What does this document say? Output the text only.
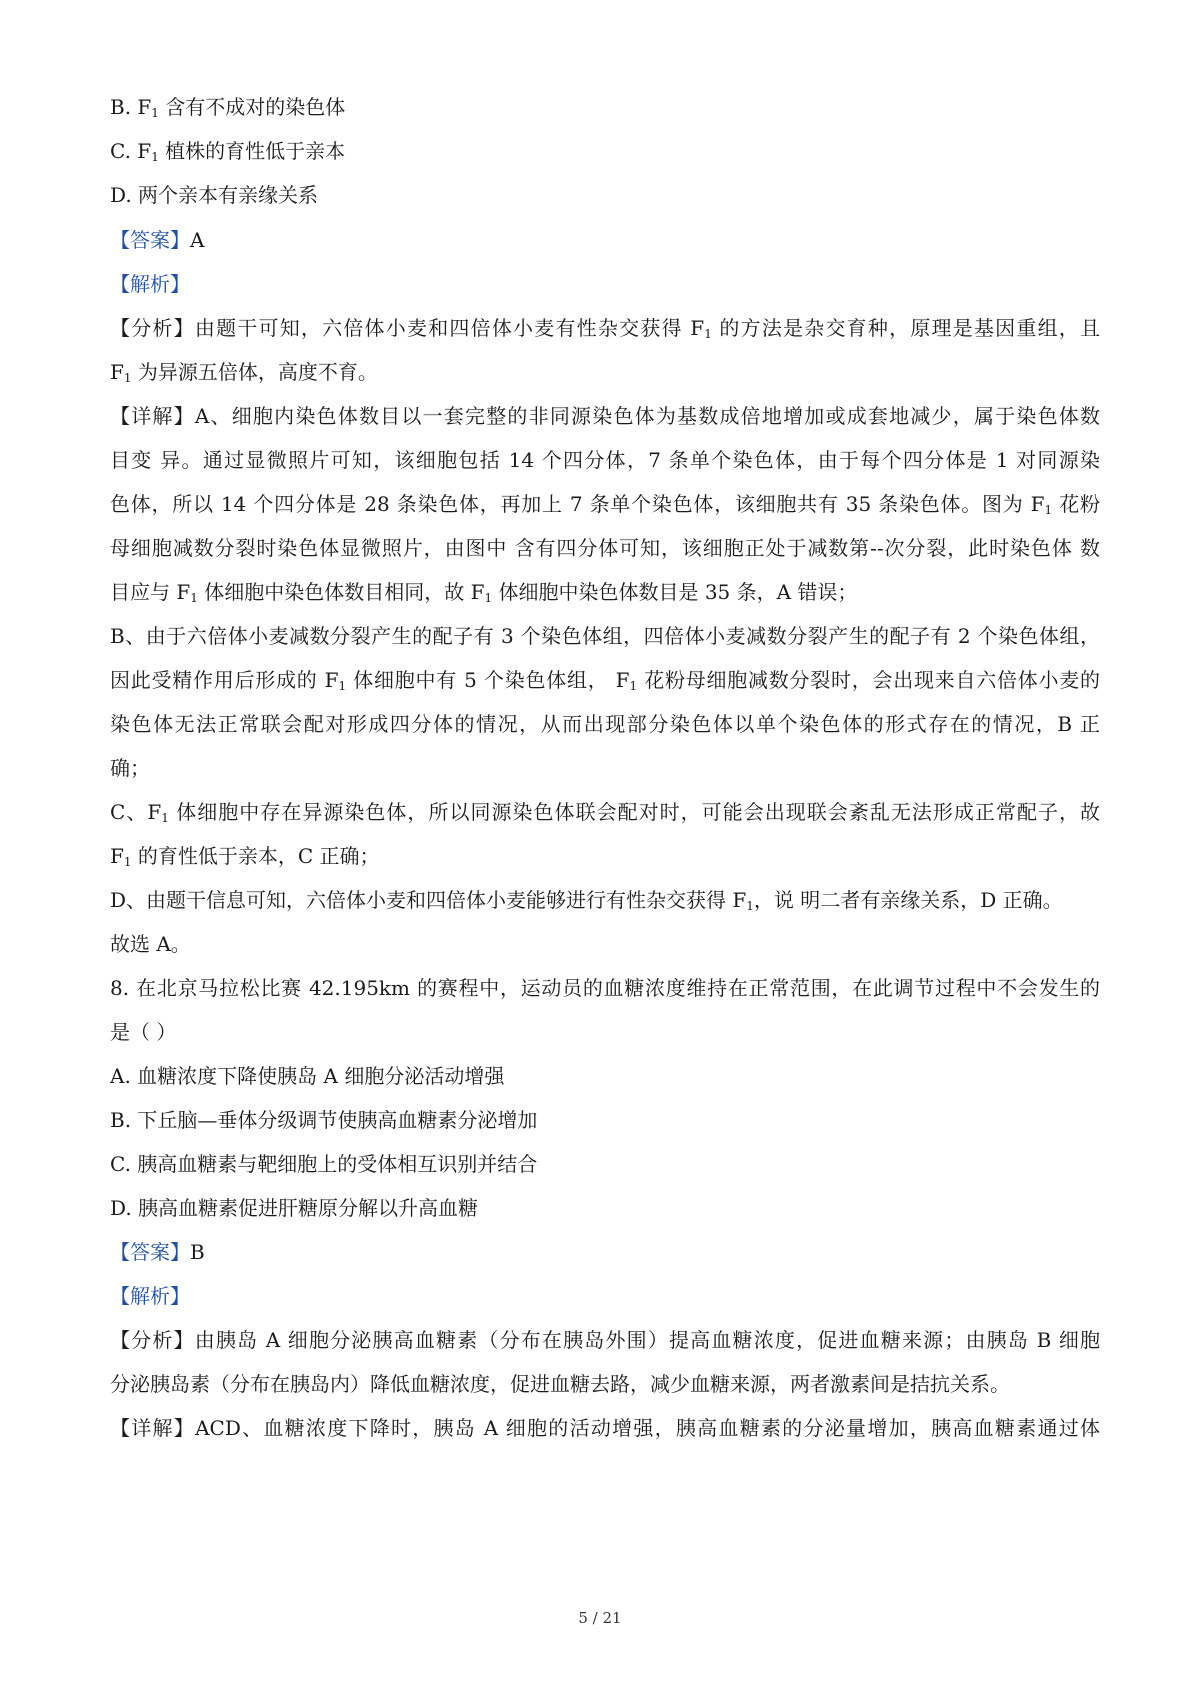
B. $F_1$ 含有不成对的染色体
C. $F_1$ 植株的育性低于亲本
D. 两个亲本有亲缘关系
【答案】A
【解析】
【分析】由题干可知，六倍体小麦和四倍体小麦有性杂交获得 $F_1$ 的方法是杂交育种，原理是基因重组，且
$F_1$ 为异源五倍体，高度不育。
【详解】A、细胞内染色体数目以一套完整的非同源染色体为基数成倍地增加或成套地减少，属于染色体数
目变 异。通过显微照片可知，该细胞包括 14 个四分体，7 条单个染色体，由于每个四分体是 1 对同源染
色体，所以 14 个四分体是 28 条染色体，再加上 7 条单个染色体，该细胞共有 35 条染色体。图为 $F_1$ 花粉
母细胞减数分裂时染色体显微照片，由图中 含有四分体可知，该细胞正处于减数第--次分裂，此时染色体 数
目应与 $F_1$ 体细胞中染色体数目相同，故 $F_1$ 体细胞中染色体数目是 35 条，A 错误；
B、由于六倍体小麦减数分裂产生的配子有 3 个染色体组，四倍体小麦减数分裂产生的配子有 2 个染色体组，
因此受精作用后形成的 $F_1$ 体细胞中有 5 个染色体组， $F_1$ 花粉母细胞减数分裂时，会出现来自六倍体小麦的
染色体无法正常联会配对形成四分体的情况，从而出现部分染色体以单个染色体的形式存在的情况，B 正
确；
C、$F_1$ 体细胞中存在异源染色体，所以同源染色体联会配对时，可能会出现联会紊乱无法形成正常配子，故
$F_1$ 的育性低于亲本，C 正确；
D、由题干信息可知，六倍体小麦和四倍体小麦能够进行有性杂交获得 $F_1$，说 明二者有亲缘关系，D 正确。
故选 A。
8. 在北京马拉松比赛 42.195km 的赛程中，运动员的血糖浓度维持在正常范围，在此调节过程中不会发生的
是（ ）
A. 血糖浓度下降使胰岛 A 细胞分泌活动增强
B. 下丘脑—垂体分级调节使胰高血糖素分泌增加
C. 胰高血糖素与靶细胞上的受体相互识别并结合
D. 胰高血糖素促进肝糖原分解以升高血糖
【答案】B
【解析】
【分析】由胰岛 A 细胞分泌胰高血糖素（分布在胰岛外围）提高血糖浓度，促进血糖来源；由胰岛 B 细胞
分泌胰岛素（分布在胰岛内）降低血糖浓度，促进血糖去路，减少血糖来源，两者激素间是拮抗关系。
【详解】ACD、血糖浓度下降时，胰岛 A 细胞的活动增强，胰高血糖素的分泌量增加，胰高血糖素通过体
5 / 21
